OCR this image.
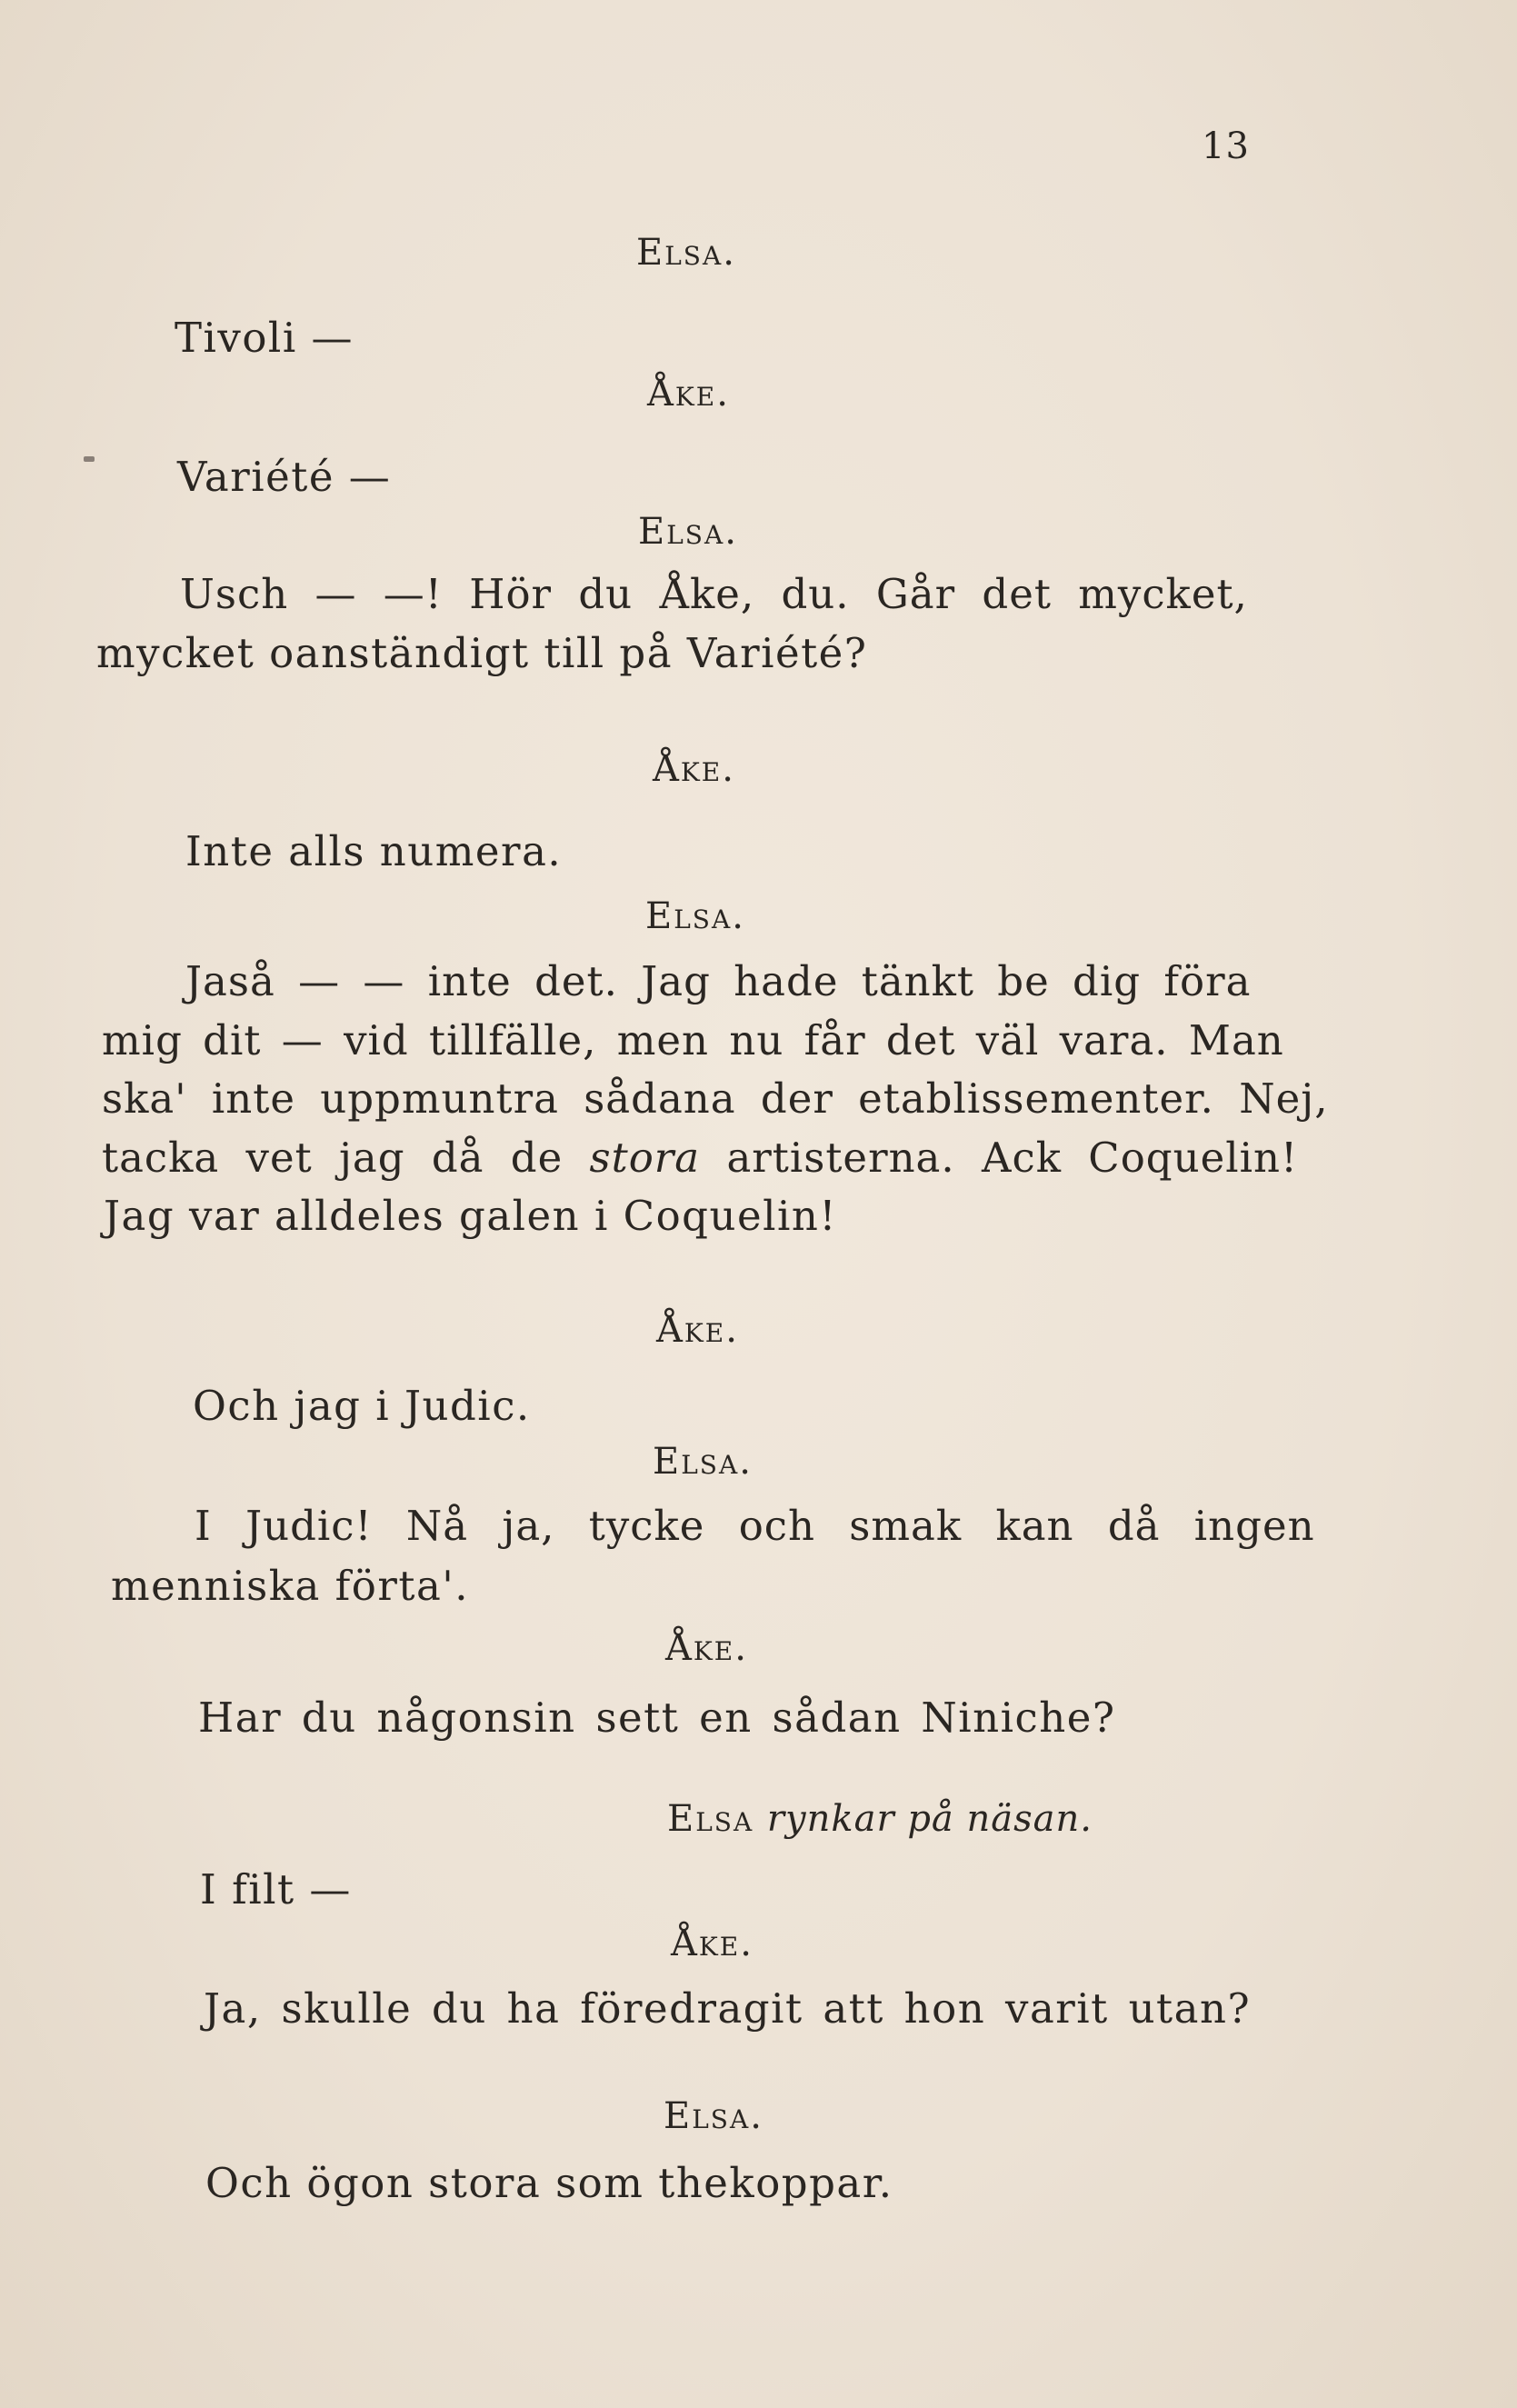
13
Elsa.
Tivoli —
Åke.
Variété —
Elsa.
Usch — —! Hör du Åke, du. Går det mycket,
mycket oanständigt till på Variété?
Åke.
Inte alls numera.
Elsa.
Jaså — — inte det. Jag hade tänkt be dig föra
mig dit — vid tillfälle, men nu får det väl vara. Man
ska' inte uppmuntra sådana der etablissementer. Nej,
tacka vet jag då de stora artisterna. Ack Coquelin!
Jag var alldeles galen i Coquelin!
Åke.
Och jag i Judic.
Elsa.
I Judic! Nå ja, tycke och smak kan då ingen
menniska förta'.
Åke.
Har du någonsin sett en sådan Niniche?
Elsa rynkar på näsan.
I filt —
Åke.
Ja, skulle du ha föredragit att hon varit utan?
Elsa.
Och ögon stora som thekoppar.
